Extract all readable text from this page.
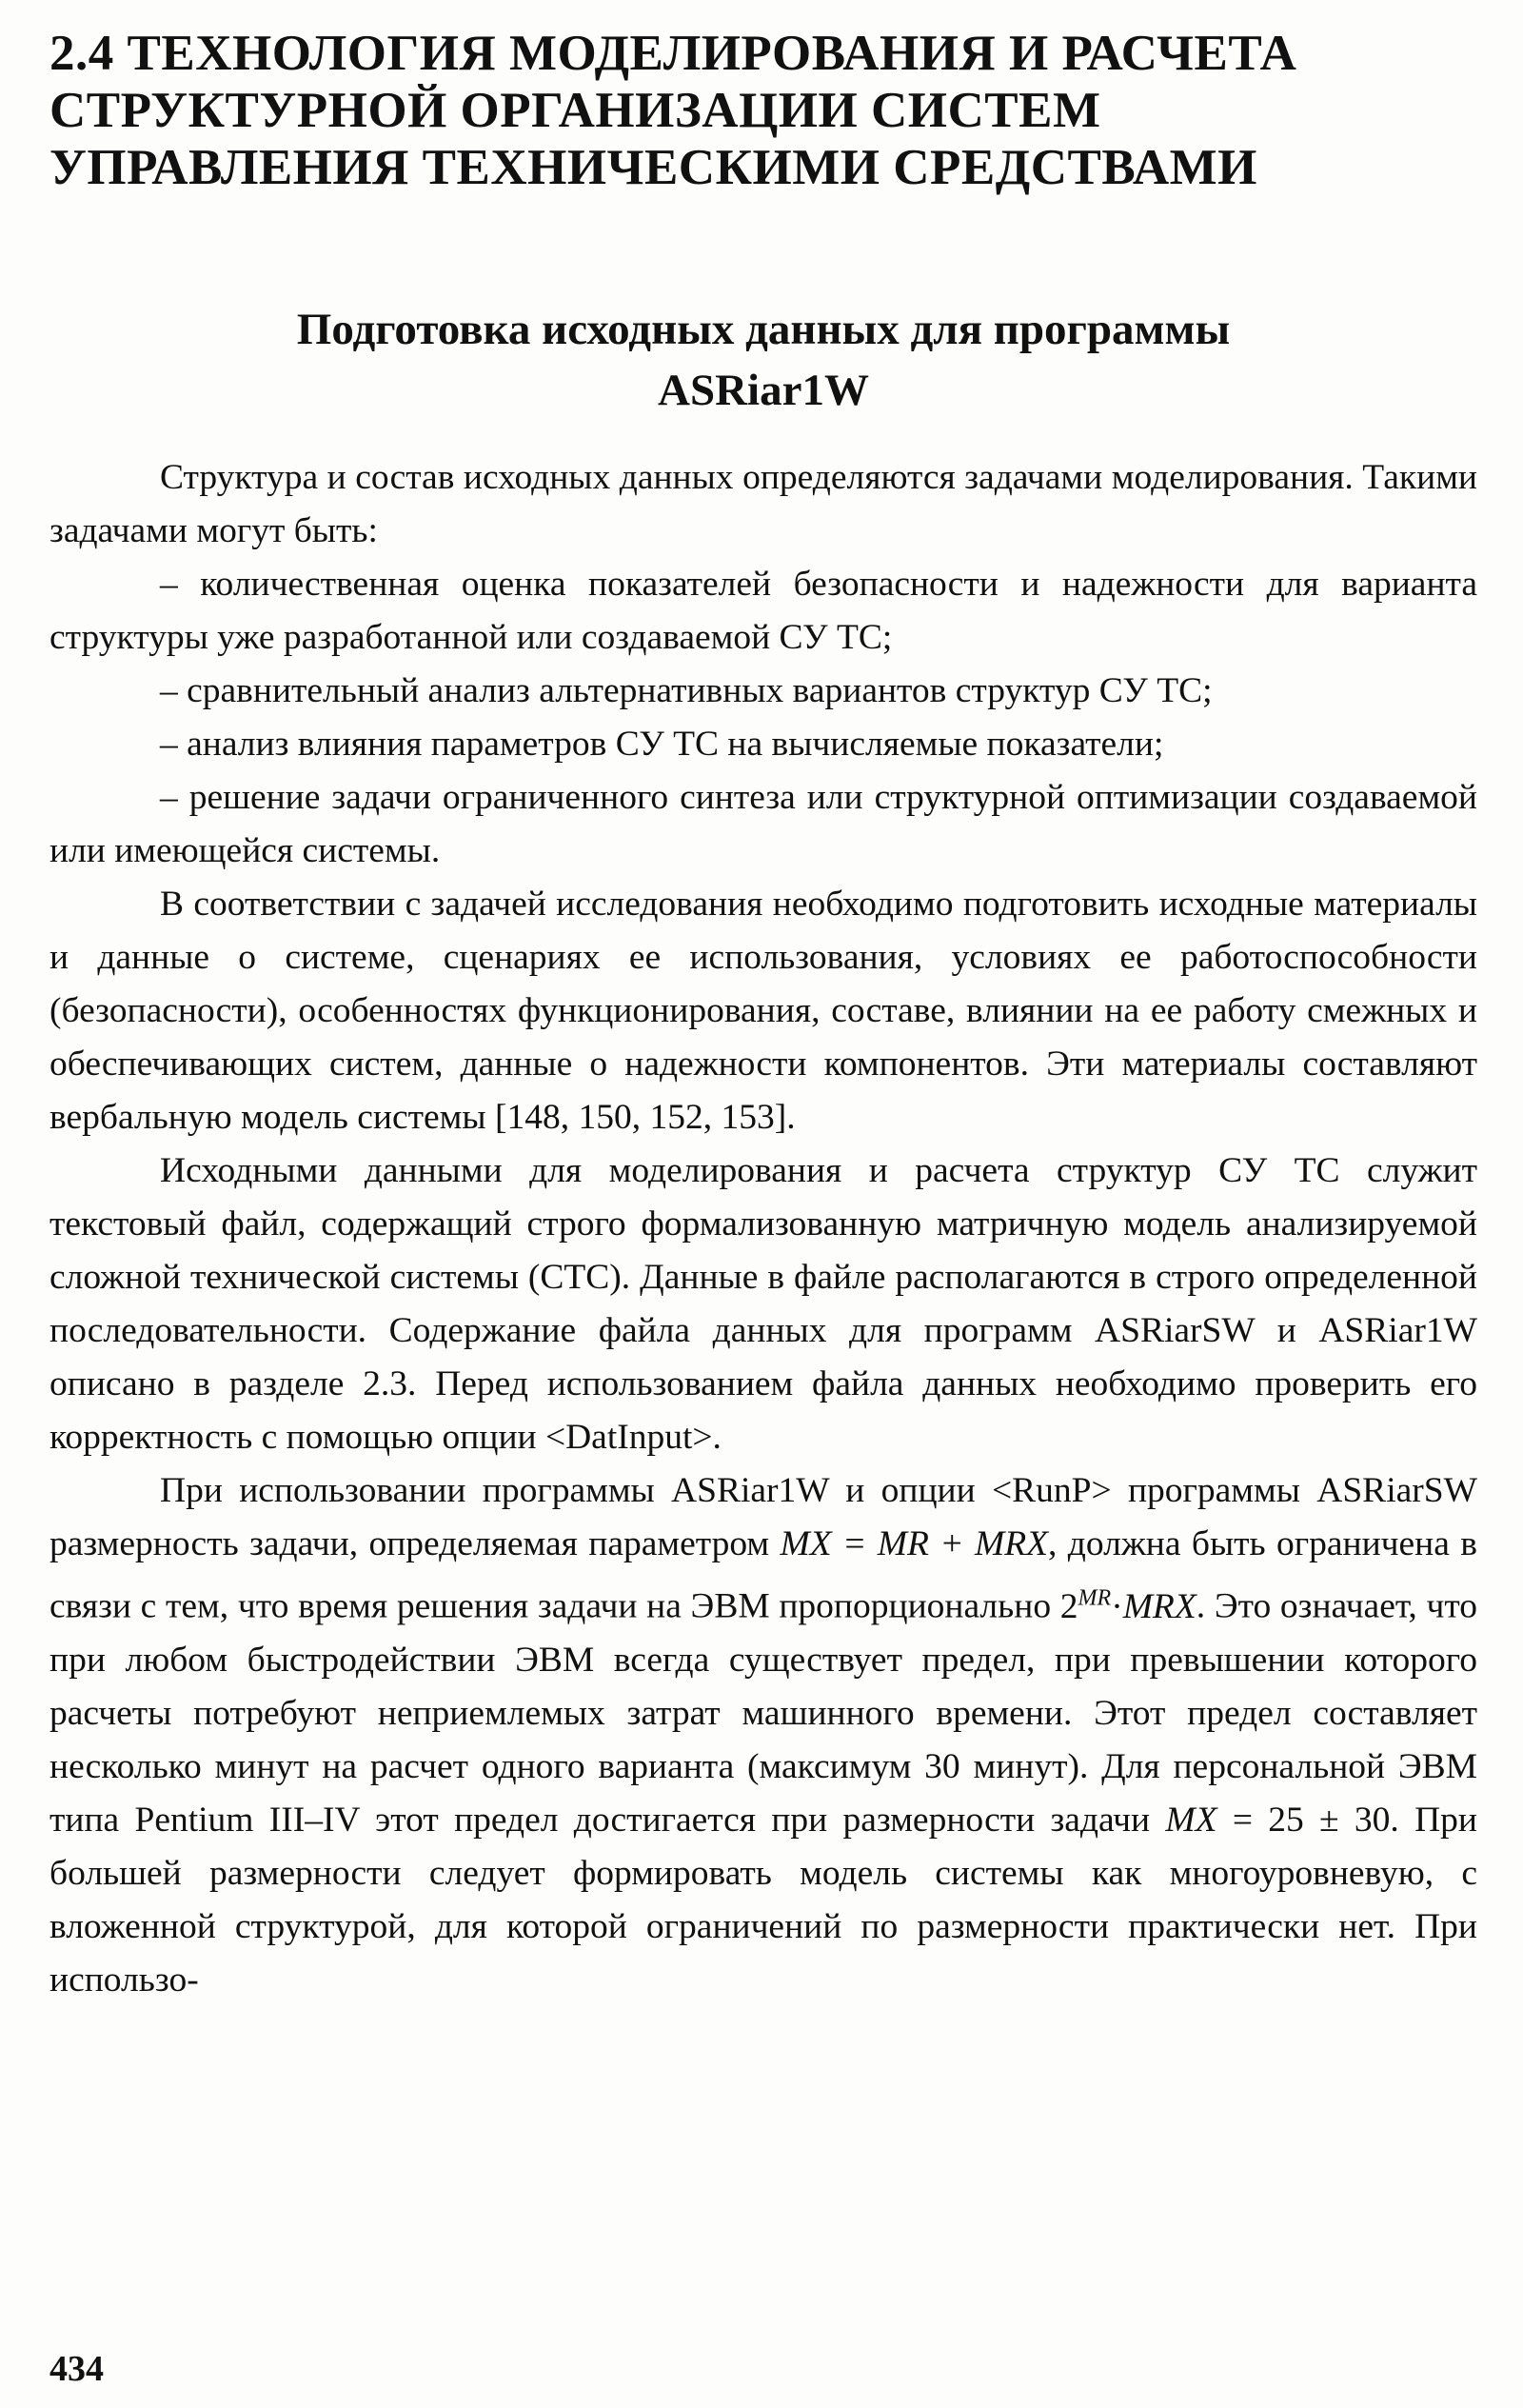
2.4 ТЕХНОЛОГИЯ МОДЕЛИРОВАНИЯ И РАСЧЕТА
СТРУКТУРНОЙ ОРГАНИЗАЦИИ СИСТЕМ
УПРАВЛЕНИЯ ТЕХНИЧЕСКИМИ СРЕДСТВАМИ
Подготовка исходных данных для программы
ASRiar1W

Структура и состав исходных данных определяются задачами моделирования. Такими задачами могут быть:

– количественная оценка показателей безопасности и надежности для варианта структуры уже разработанной или создаваемой СУ ТС;

– сравнительный анализ альтернативных вариантов структур СУ ТС;

– анализ влияния параметров СУ ТС на вычисляемые показатели;

– решение задачи ограниченного синтеза или структурной оптимизации создаваемой или имеющейся системы.

В соответствии с задачей исследования необходимо подготовить исходные материалы и данные о системе, сценариях ее использования, условиях ее работоспособности (безопасности), особенностях функционирования, составе, влиянии на ее работу смежных и обеспечивающих систем, данные о надежности компонентов. Эти материалы составляют вербальную модель системы [148, 150, 152, 153].

Исходными данными для моделирования и расчета структур СУ ТС служит текстовый файл, содержащий строго формализованную матричную модель анализируемой сложной технической системы (СТС). Данные в файле располагаются в строго определенной последовательности. Содержание файла данных для программ ASRiarSW и ASRiar1W описано в разделе 2.3. Перед использованием файла данных необходимо проверить его корректность с помощью опции <DatInput>.

При использовании программы ASRiar1W и опции <RunP> программы ASRiarSW размерность задачи, определяемая параметром MX = MR + MRX, должна быть ограничена в связи с тем, что время решения задачи на ЭВМ пропорционально $2^{MR}\cdot MRX$. Это означает, что при любом быстродействии ЭВМ всегда существует предел, при превышении которого расчеты потребуют неприемлемых затрат машинного времени. Этот предел составляет несколько минут на расчет одного варианта (максимум 30 минут). Для персональной ЭВМ типа Pentium III–IV этот предел достигается при размерности задачи MX = 25 ± 30. При большей размерности следует формировать модель системы как многоуровневую, с вложенной структурой, для которой ограничений по размерности практически нет. При использо-

434
